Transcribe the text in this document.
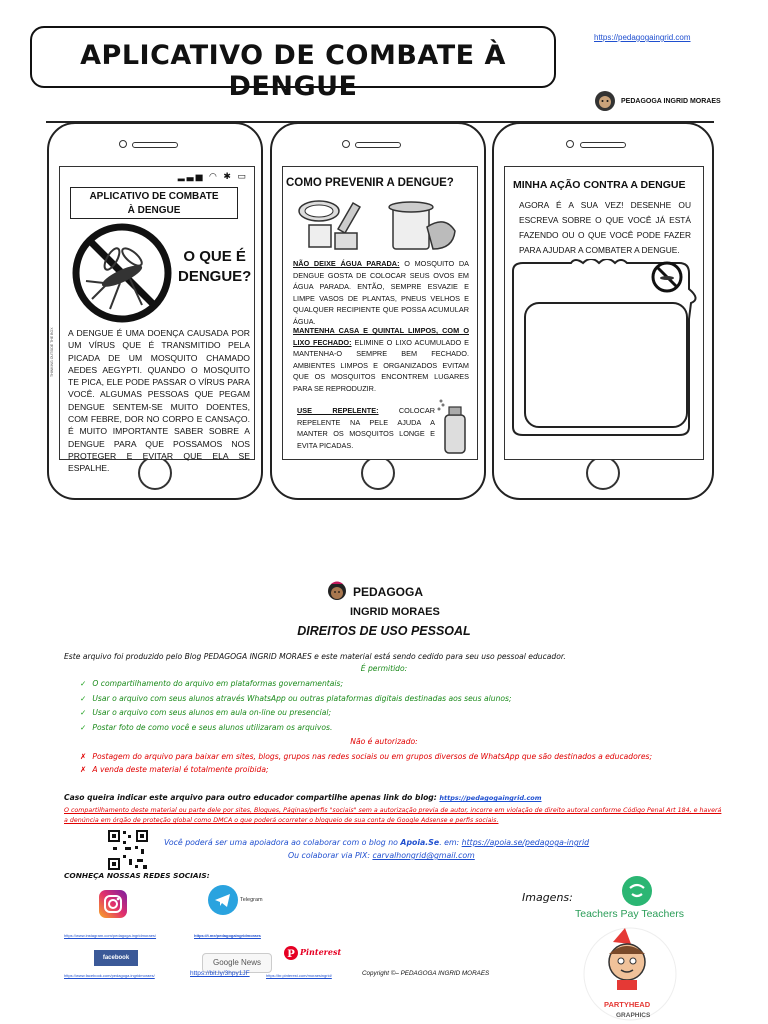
APLICATIVO DE COMBATE À DENGUE
https://pedagogaingrid.com
PEDAGOGA INGRID MORAES
▂▃▅ ◠ ✱ ▭
APLICATIVO DE COMBATE
À DENGUE
O QUE É
DENGUE?
THINKING OUTSIDE THE BOX A DENGUE É UMA DOENÇA CAUSADA POR UM VÍRUS QUE É TRANSMITIDO PELA PICADA DE UM MOSQUITO CHAMADO AEDES AEGYPTI. QUANDO O MOSQUITO TE PICA, ELE PODE PASSAR O VÍRUS PARA VOCÊ. ALGUMAS PESSOAS QUE PEGAM DENGUE SENTEM-SE MUITO DOENTES, COM FEBRE, DOR NO CORPO E CANSAÇO. É MUITO IMPORTANTE SABER SOBRE A DENGUE PARA QUE POSSAMOS NOS PROTEGER E EVITAR QUE ELA SE ESPALHE.
COMO PREVENIR A DENGUE?
NÃO DEIXE ÁGUA PARADA: O MOSQUITO DA DENGUE GOSTA DE COLOCAR SEUS OVOS EM ÁGUA PARADA. ENTÃO, SEMPRE ESVAZIE E LIMPE VASOS DE PLANTAS, PNEUS VELHOS E QUALQUER RECIPIENTE QUE POSSA ACUMULAR ÁGUA.
MANTENHA CASA E QUINTAL LIMPOS, COM O LIXO FECHADO: ELIMINE O LIXO ACUMULADO E MANTENHA-O SEMPRE BEM FECHADO. AMBIENTES LIMPOS E ORGANIZADOS EVITAM QUE OS MOSQUITOS ENCONTREM LUGARES PARA SE REPRODUZIR.
USE REPELENTE:	COLOCAR REPELENTE NA PELE AJUDA A MANTER OS MOSQUITOS LONGE E EVITA PICADAS.
MINHA AÇÃO CONTRA A DENGUE
AGORA É A SUA VEZ! DESENHE OU ESCREVA SOBRE O QUE VOCÊ JÁ ESTÁ FAZENDO OU O QUE VOCÊ PODE FAZER PARA AJUDAR A COMBATER A DENGUE.
PEDAGOGA
INGRID MORAES
DIREITOS DE USO PESSOAL
Este arquivo foi produzido pelo Blog PEDAGOGA INGRID MORAES e este material está sendo cedido para seu uso pessoal educador.
É permitido:
✓ O compartilhamento do arquivo em plataformas governamentais;
✓ Usar o arquivo com seus alunos através WhatsApp ou outras plataformas digitais destinadas aos seus alunos;
✓ Usar o arquivo com seus alunos em aula on-line ou presencial;
✓ Postar foto de como você e seus alunos utilizaram os arquivos.
Não é autorizado:
✗ Postagem do arquivo para baixar em sites, blogs, grupos nas redes sociais ou em grupos diversos de WhatsApp que são destinados a educadores;
✗ A venda deste material é totalmente proibida;
Caso queira indicar este arquivo para outro educador compartilhe apenas link do blog: https://pedagogaingrid.com
O compartilhamento deste material ou parte dele por sites, Blogues, Páginas/perfis "sociais" sem a autorização previa de autor, incorre em violação de direito autoral conforme Código Penal Art 184, e haverá a denúncia em órgão de proteção global como DMCA o que poderá ocorreter o bloqueio de sua conta de Google Adsense e perfis sociais.
Você poderá ser uma apoiadora ao colaborar com o blog no Apoia.Se. em: https://apoia.se/pedagoga-ingrid
Ou colaborar via PIX: carvalhongrid@gmail.com
CONHEÇA NOSSAS REDES SOCIAIS:
Telegram
https://www.instagram.com/pedagoga.ingridmoraes/	https://t.me/pedagogaingridmoraes
facebook	Google News
P Pinterest
https://www.facebook.com/pedagoga.ingridmoraes/	https://bit.ly/3hpy1JF	https://br.pinterest.com/moraesingrid/	Copyright ©– PEDAGOGA INGRID MORAES
Imagens:
Teachers Pay Teachers
PARTYHEAD
GRAPHICS
